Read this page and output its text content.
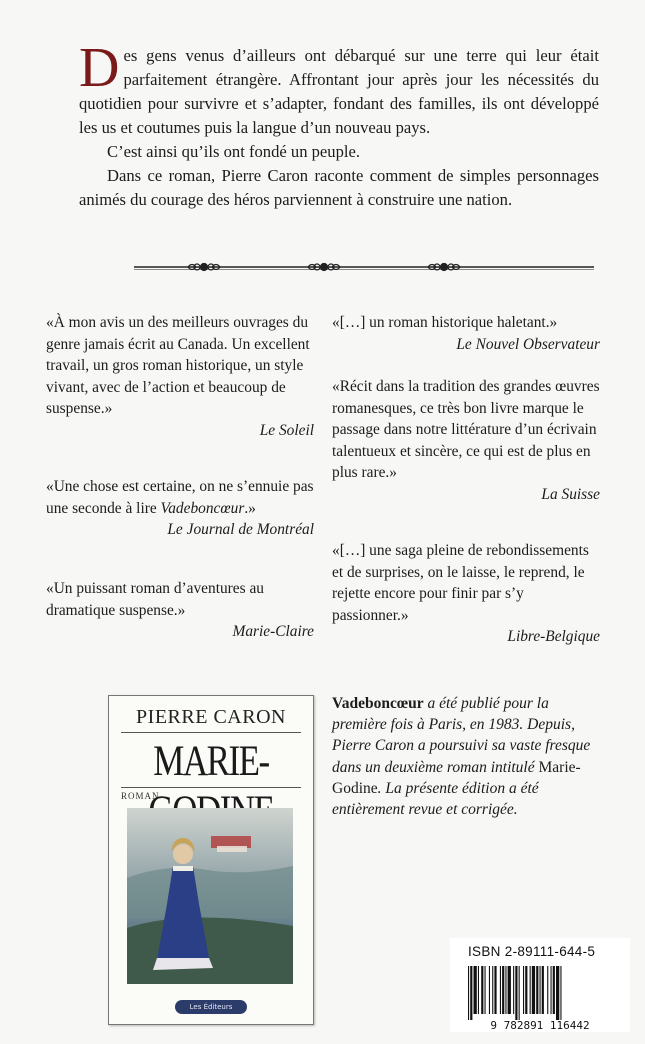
Des gens venus d’ailleurs ont débarqué sur une terre qui leur était parfaitement étrangère. Affrontant jour après jour les nécessités du quotidien pour survivre et s’adapter, fondant des familles, ils ont développé les us et coutumes puis la langue d’un nouveau pays.

C’est ainsi qu’ils ont fondé un peuple.

Dans ce roman, Pierre Caron raconte comment de simples personnages animés du courage des héros parviennent à construire une nation.

«À mon avis un des meilleurs ouvrages du genre jamais écrit au Canada. Un excellent travail, un gros roman historique, un style vivant, avec de l’action et beaucoup de suspense.»

Le Soleil

«Une chose est certaine, on ne s’ennuie pas une seconde à lire Vadeboncœur.»

Le Journal de Montréal

«Un puissant roman d’aventures au dramatique suspense.»

Marie-Claire

«[…] un roman historique haletant.»

Le Nouvel Observateur

«Récit dans la tradition des grandes œuvres romanesques, ce très bon livre marque le passage dans notre littérature d’un écrivain talentueux et sincère, ce qui est de plus en plus rare.»

La Suisse

«[…] une saga pleine de rebondissements et de surprises, on le laisse, le reprend, le rejette encore pour finir par s’y passionner.»

Libre-Belgique

PIERRE CARON
MARIE-
ROMAN
Les Éditeurs

Vadeboncœur a été publié pour la première fois à Paris, en 1983. Depuis, Pierre Caron a poursuivi sa vaste fresque dans un deuxième roman intitulé Marie-Godine. La présente édition a été entièrement revue et corrigée.

ISBN 2-89111-644-5
9 782891 116442
